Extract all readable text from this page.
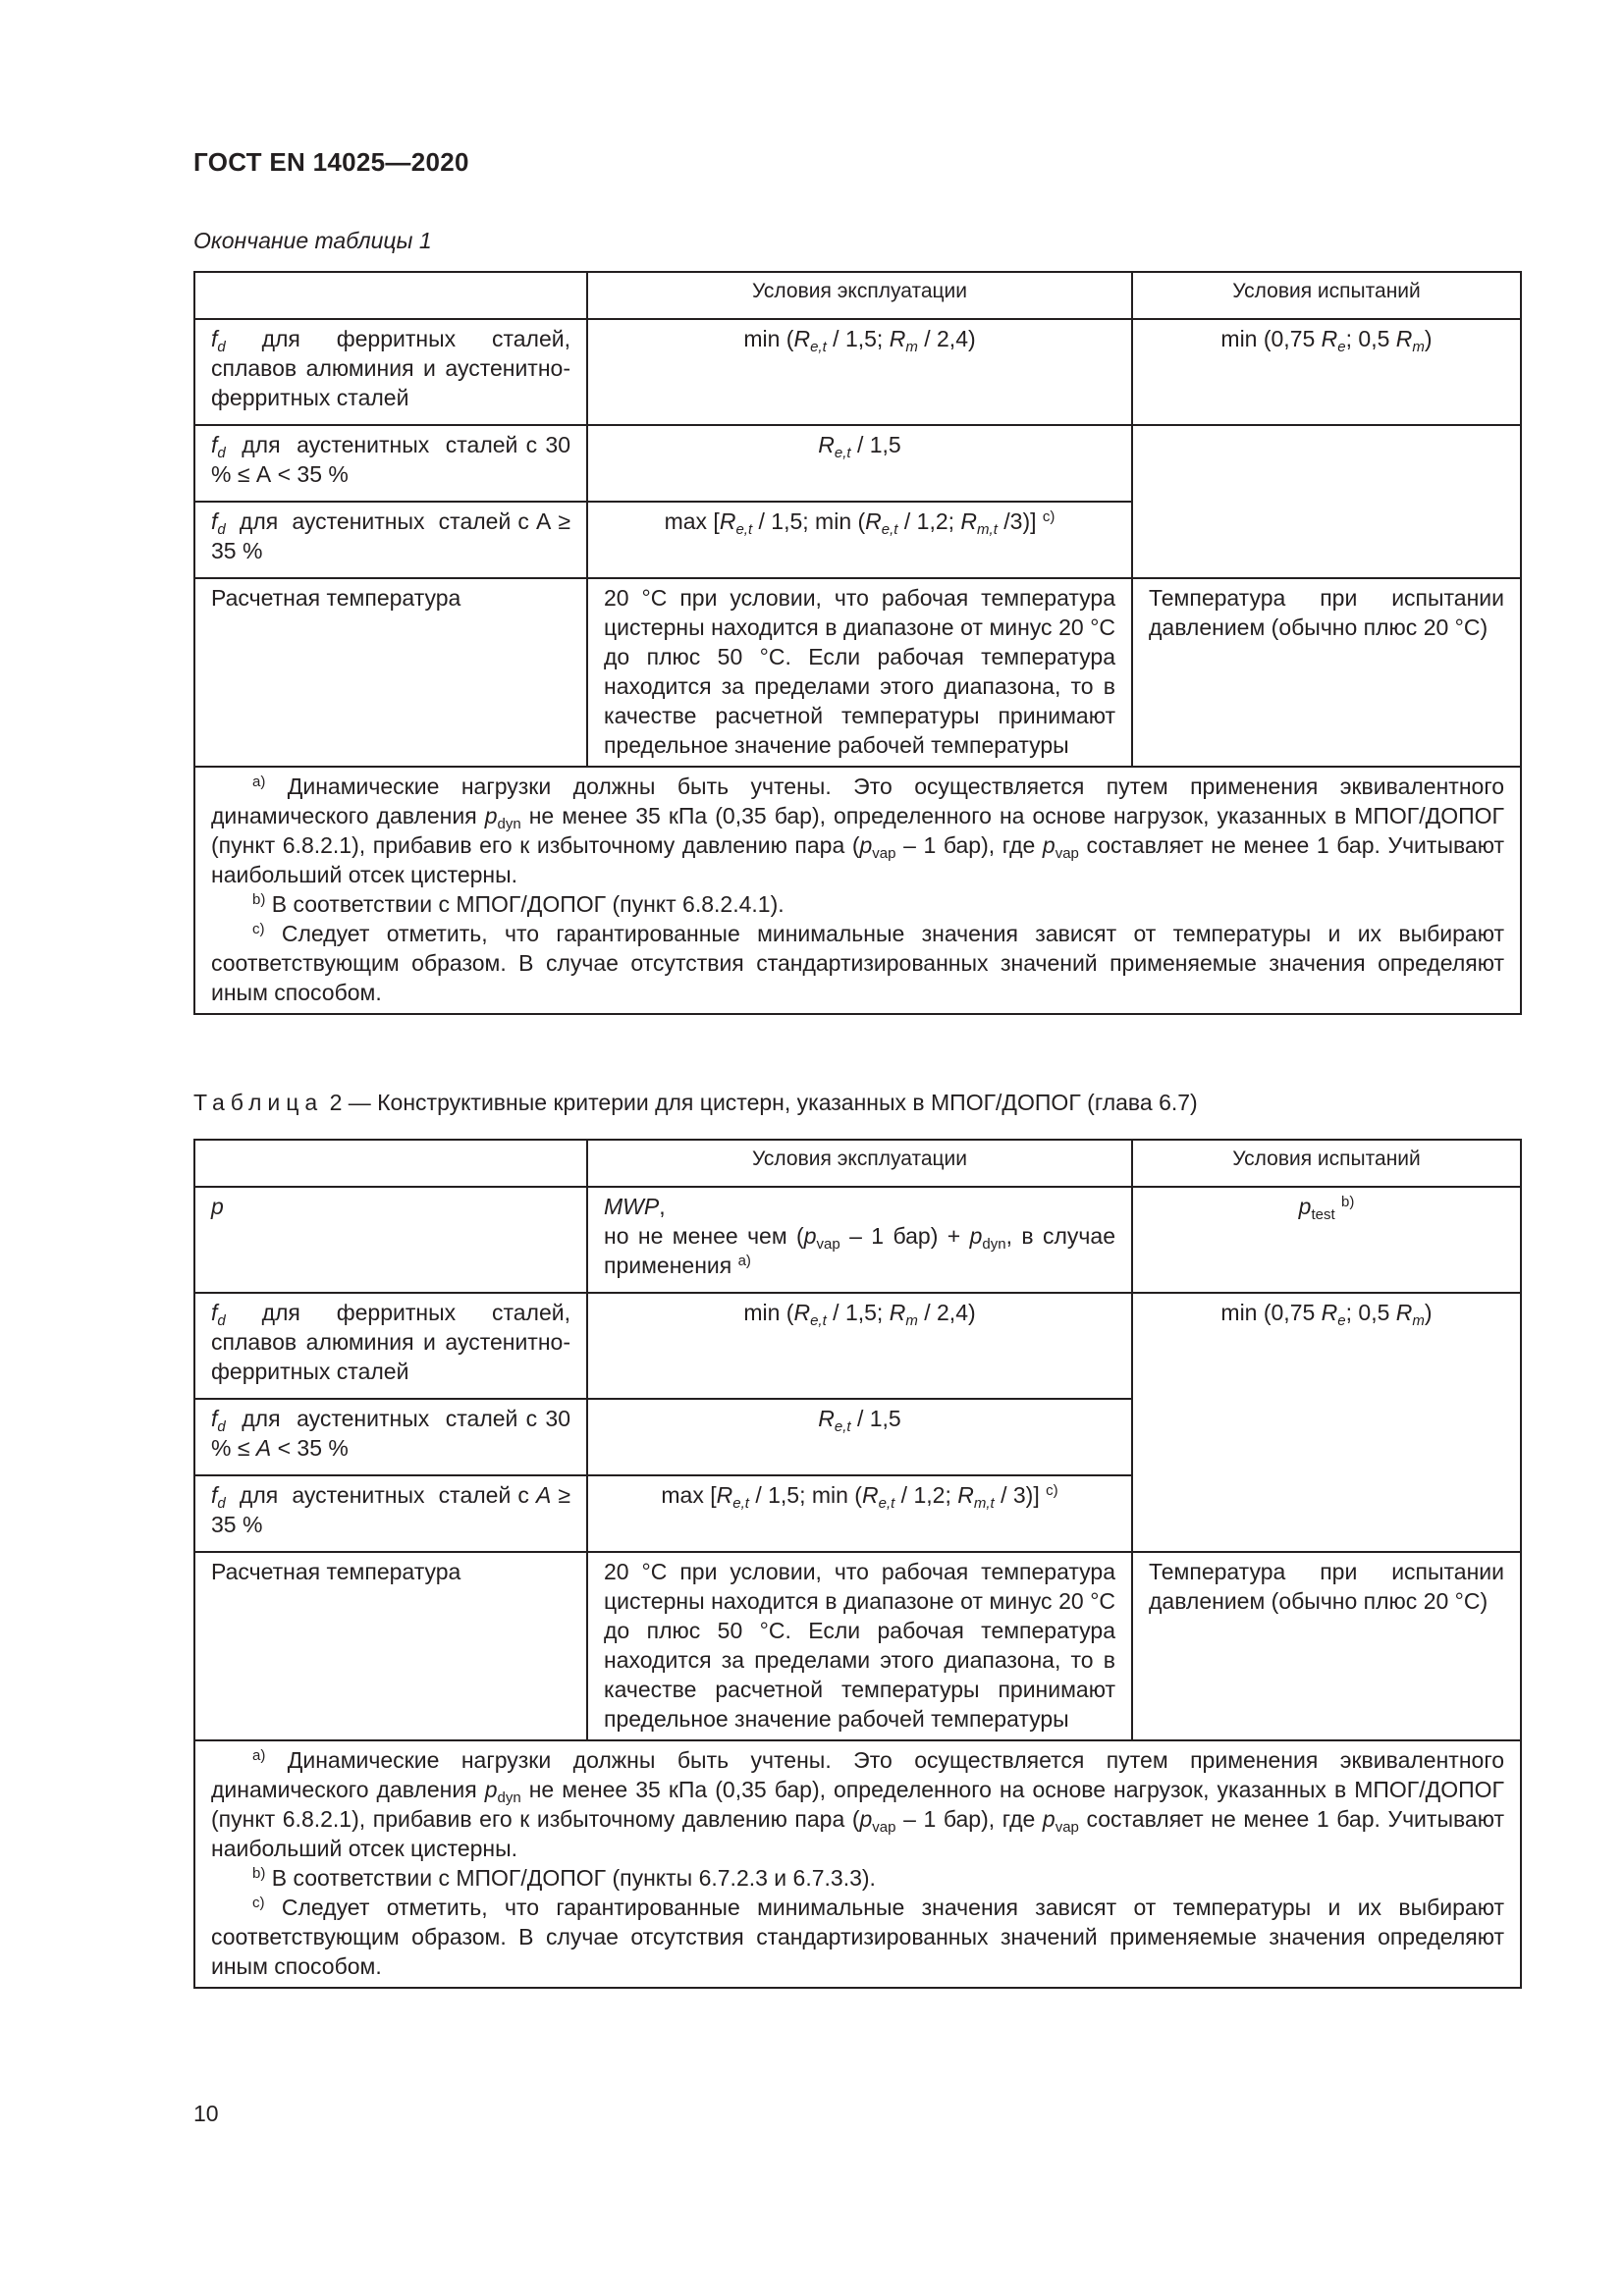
ГОСТ EN 14025—2020
Окончание таблицы 1
	Условия эксплуатации	Условия испытаний
$f_d$ для ферритных сталей, сплавов алюминия и аустенитно-ферритных сталей	$\min (R_{e,t} / 1,5$; $R_m / 2,4$)	min (0,75 $R_e$; 0,5 $R_m$)
$f_d$  для  аустенитных  сталей с 30 % ≤ А < 35 %	$R_{e,t} / 1,5$	
$f_d$  для  аустенитных  сталей с А ≥ 35 %	$\max [R_{e,t} / 1,5$; $\min (R_{e,t} / 1,2$; $R_{m,t}$ /3)] $^{c)}$
Расчетная температура	20 °С при условии, что рабочая температура цистерны находится в диапазоне от минус 20 °С до плюс 50 °С. Если рабочая температура находится за пределами этого диапазона, то в качестве расчетной температуры принимают предельное значение рабочей температуры	Температура при испытании давлением (обычно плюс 20 °С)

$^{a)}$ Динамические нагрузки должны быть учтены. Это осуществляется путем применения эквивалентного динамического давления $p_{dyn}$ не менее 35 кПа (0,35 бар), определенного на основе нагрузок, указанных в МПОГ/ДОПОГ (пункт 6.8.2.1), прибавив его к избыточному давлению пара ($p_{vap} - 1$ бар), где $p_{vap}$ составляет не менее 1 бар. Учитывают наибольший отсек цистерны.

$^{b)}$ В соответствии с МПОГ/ДОПОГ (пункт 6.8.2.4.1).

$^{c)}$ Следует отметить, что гарантированные минимальные значения зависят от температуры и их выбирают соответствующим образом. В случае отсутствия стандартизированных значений применяемые значения определяют иным способом.		

Таблица 2 — Конструктивные критерии для цистерн, указанных в МПОГ/ДОПОГ (глава 6.7)
	Условия эксплуатации	Условия испытаний
p	MWP,
но не менее чем ($p_{vap} - 1$ $бар) + p_{dyn}$, в случае применения $^{a)}$	$p_{test}$ $^{b)}$
$f_d$ для ферритных сталей, сплавов алюминия и аустенитно-ферритных сталей	$\min (R_{e,t} / 1,5$; $R_m / 2,4$)	min (0,75 $R_e$; 0,5 $R_m$)
$f_d$  для  аустенитных  сталей с 30 % ≤ A < 35 %	$R_{e,t} / 1,5$	
$f_d$  для  аустенитных  сталей с A ≥ 35 %	$\max [R_{e,t} / 1,5$; $\min (R_{e,t} / 1,2$; $R_{m,t} / 3$)] $^{c)}$
Расчетная температура	20 °С при условии, что рабочая температура цистерны находится в диапазоне от минус 20 °С до плюс 50 °С. Если рабочая температура находится за пределами этого диапазона, то в качестве расчетной температуры принимают предельное значение рабочей температуры	Температура при испытании давлением (обычно плюс 20 °С)

$^{a)}$ Динамические нагрузки должны быть учтены. Это осуществляется путем применения эквивалентного динамического давления $p_{dyn}$ не менее 35 кПа (0,35 бар), определенного на основе нагрузок, указанных в МПОГ/ДОПОГ (пункт 6.8.2.1), прибавив его к избыточному давлению пара ($p_{vap} - 1$ бар), где $p_{vap}$ составляет не менее 1 бар. Учитывают наибольший отсек цистерны.

$^{b)}$ В соответствии с МПОГ/ДОПОГ (пункты 6.7.2.3 и 6.7.3.3).

$^{c)}$ Следует отметить, что гарантированные минимальные значения зависят от температуры и их выбирают соответствующим образом. В случае отсутствия стандартизированных значений применяемые значения определяют иным способом.		

10
